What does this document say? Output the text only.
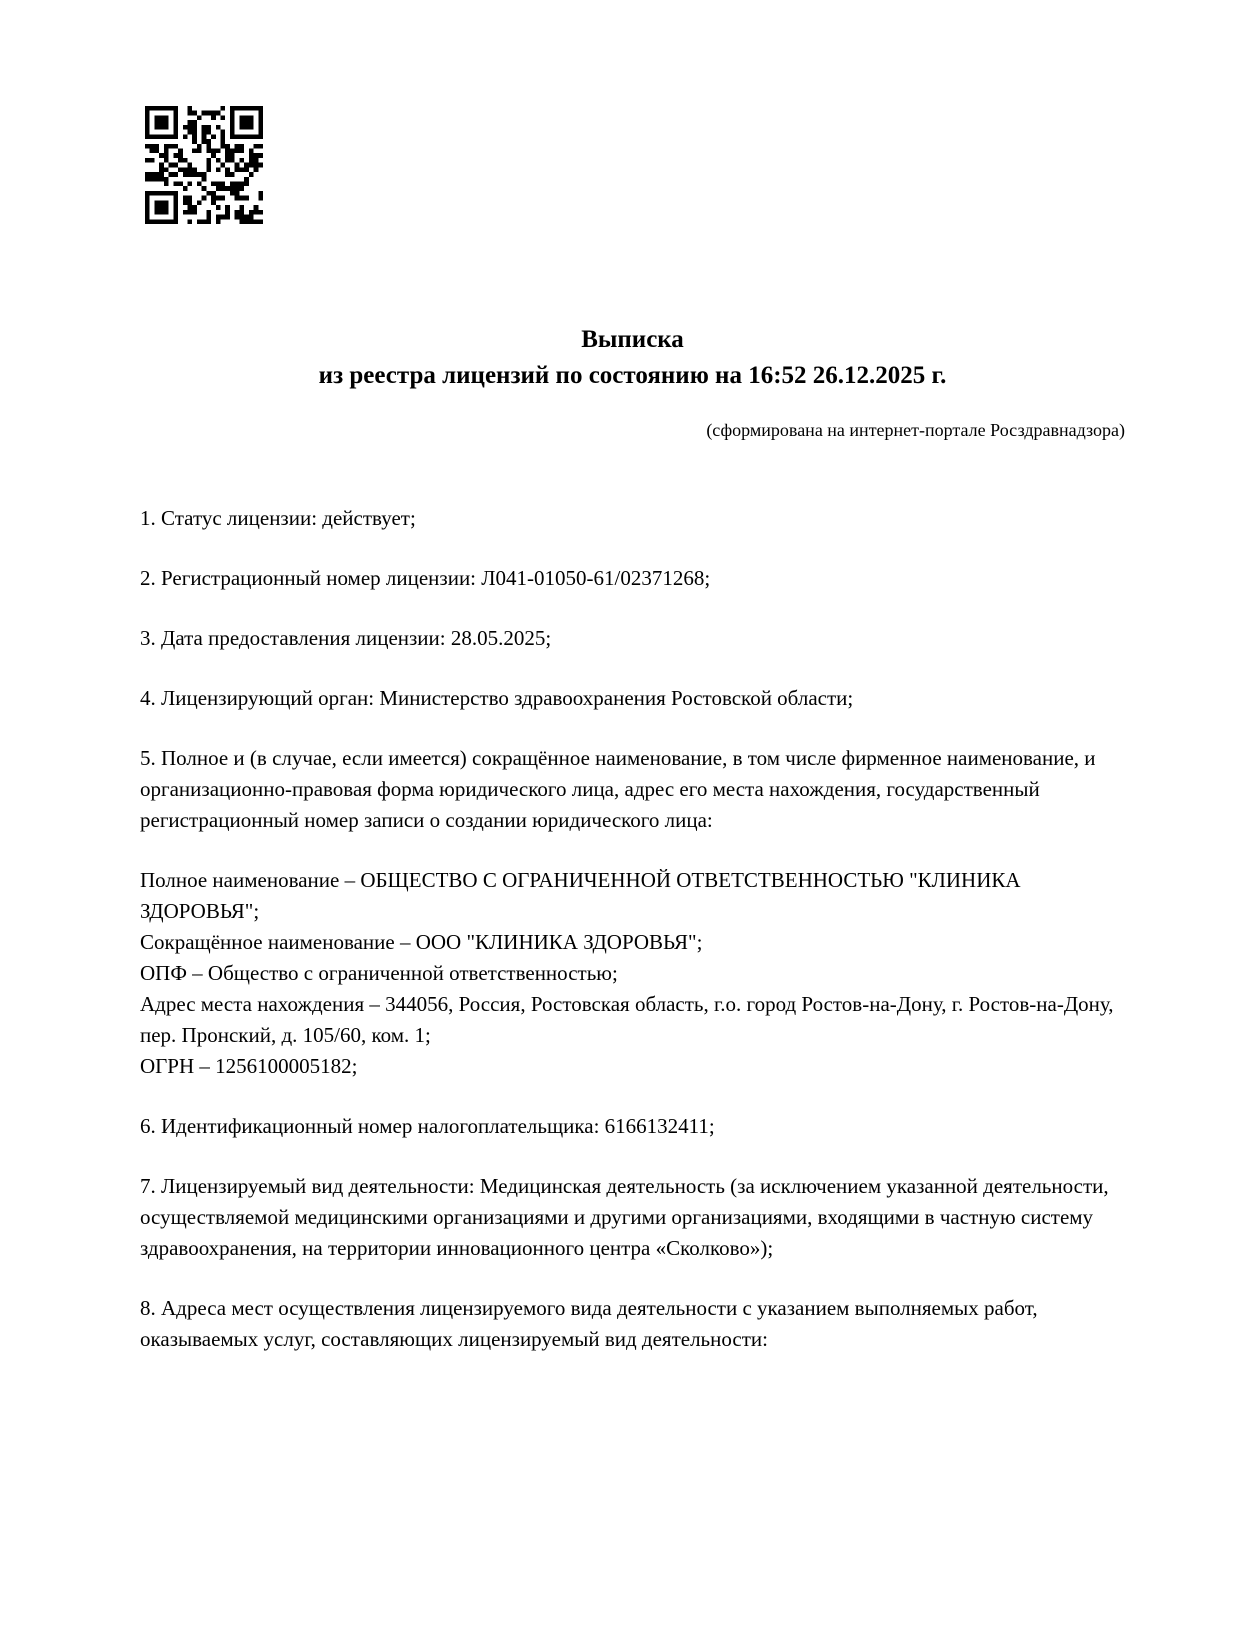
Выписка
из реестра лицензий по состоянию на 16:52 26.12.2025 г.
(сформирована на интернет-портале Росздравнадзора)
1. Статус лицензии: действует;
2. Регистрационный номер лицензии: Л041-01050-61/02371268;
3. Дата предоставления лицензии: 28.05.2025;
4. Лицензирующий орган: Министерство здравоохранения Ростовской области;
5. Полное и (в случае, если имеется) сокращённое наименование, в том числе фирменное наименование, и организационно-правовая форма юридического лица, адрес его места нахождения, государственный регистрационный номер записи о создании юридического лица:
Полное наименование – ОБЩЕСТВО С ОГРАНИЧЕННОЙ ОТВЕТСТВЕННОСТЬЮ "КЛИНИКА ЗДОРОВЬЯ";
Сокращённое наименование – ООО "КЛИНИКА ЗДОРОВЬЯ";
ОПФ – Общество с ограниченной ответственностью;
Адрес места нахождения – 344056, Россия, Ростовская область, г.о. город Ростов-на-Дону, г. Ростов-на-Дону, пер. Пронский, д. 105/60, ком. 1;
ОГРН – 1256100005182;
6. Идентификационный номер налогоплательщика: 6166132411;
7. Лицензируемый вид деятельности: Медицинская деятельность (за исключением указанной деятельности, осуществляемой медицинскими организациями и другими организациями, входящими в частную систему здравоохранения, на территории инновационного центра «Сколково»);
8. Адреса мест осуществления лицензируемого вида деятельности с указанием выполняемых работ, оказываемых услуг, составляющих лицензируемый вид деятельности:
